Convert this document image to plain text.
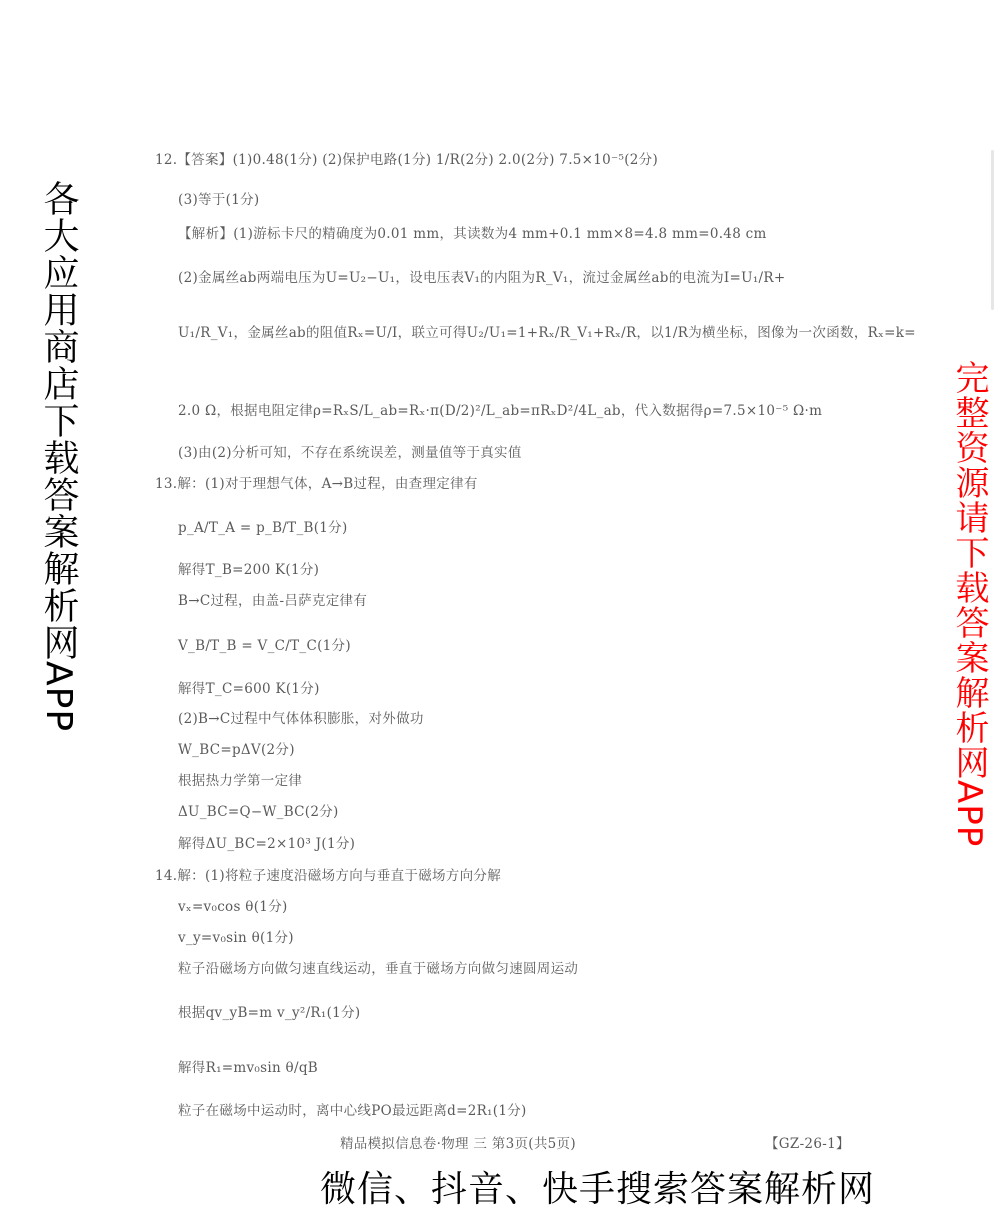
12.【答案】(1)0.48(1分) (2)保护电路(1分) 1/R(2分) 2.0(2分) 7.5×10⁻⁵(2分)
(3)等于(1分)
【解析】(1)游标卡尺的精确度为0.01 mm，其读数为4 mm+0.1 mm×8=4.8 mm=0.48 cm
(2)金属丝ab两端电压为U=U₂−U₁，设电压表V₁的内阻为R_V₁，流过金属丝ab的电流为I=U₁/R+
U₁/R_V₁，金属丝ab的阻值Rₓ=U/I，联立可得U₂/U₁=1+Rₓ/R_V₁+Rₓ/R，以1/R为横坐标，图像为一次函数，Rₓ=k=
2.0 Ω，根据电阻定律ρ=RₓS/L_ab=Rₓ·π(D/2)²/L_ab=πRₓD²/4L_ab，代入数据得ρ=7.5×10⁻⁵ Ω·m
(3)由(2)分析可知，不存在系统误差，测量值等于真实值
13.解：(1)对于理想气体，A→B过程，由查理定律有
p_A/T_A = p_B/T_B(1分)
解得T_B=200 K(1分)
B→C过程，由盖-吕萨克定律有
V_B/T_B = V_C/T_C(1分)
解得T_C=600 K(1分)
(2)B→C过程中气体体积膨胀，对外做功
W_BC=pΔV(2分)
根据热力学第一定律
ΔU_BC=Q−W_BC(2分)
解得ΔU_BC=2×10³ J(1分)
14.解：(1)将粒子速度沿磁场方向与垂直于磁场方向分解
vₓ=v₀cos θ(1分)
v_y=v₀sin θ(1分)
粒子沿磁场方向做匀速直线运动，垂直于磁场方向做匀速圆周运动
根据qv_yB=m v_y²/R₁(1分)
解得R₁=mv₀sin θ/qB
粒子在磁场中运动时，离中心线PO最远距离d=2R₁(1分)
精品模拟信息卷·物理 三 第3页(共5页)	【GZ-26-1】
各大应用商店下载答案解析网APP	完整资源请下载答案解析网APP
微信、抖音、快手搜索答案解析网
